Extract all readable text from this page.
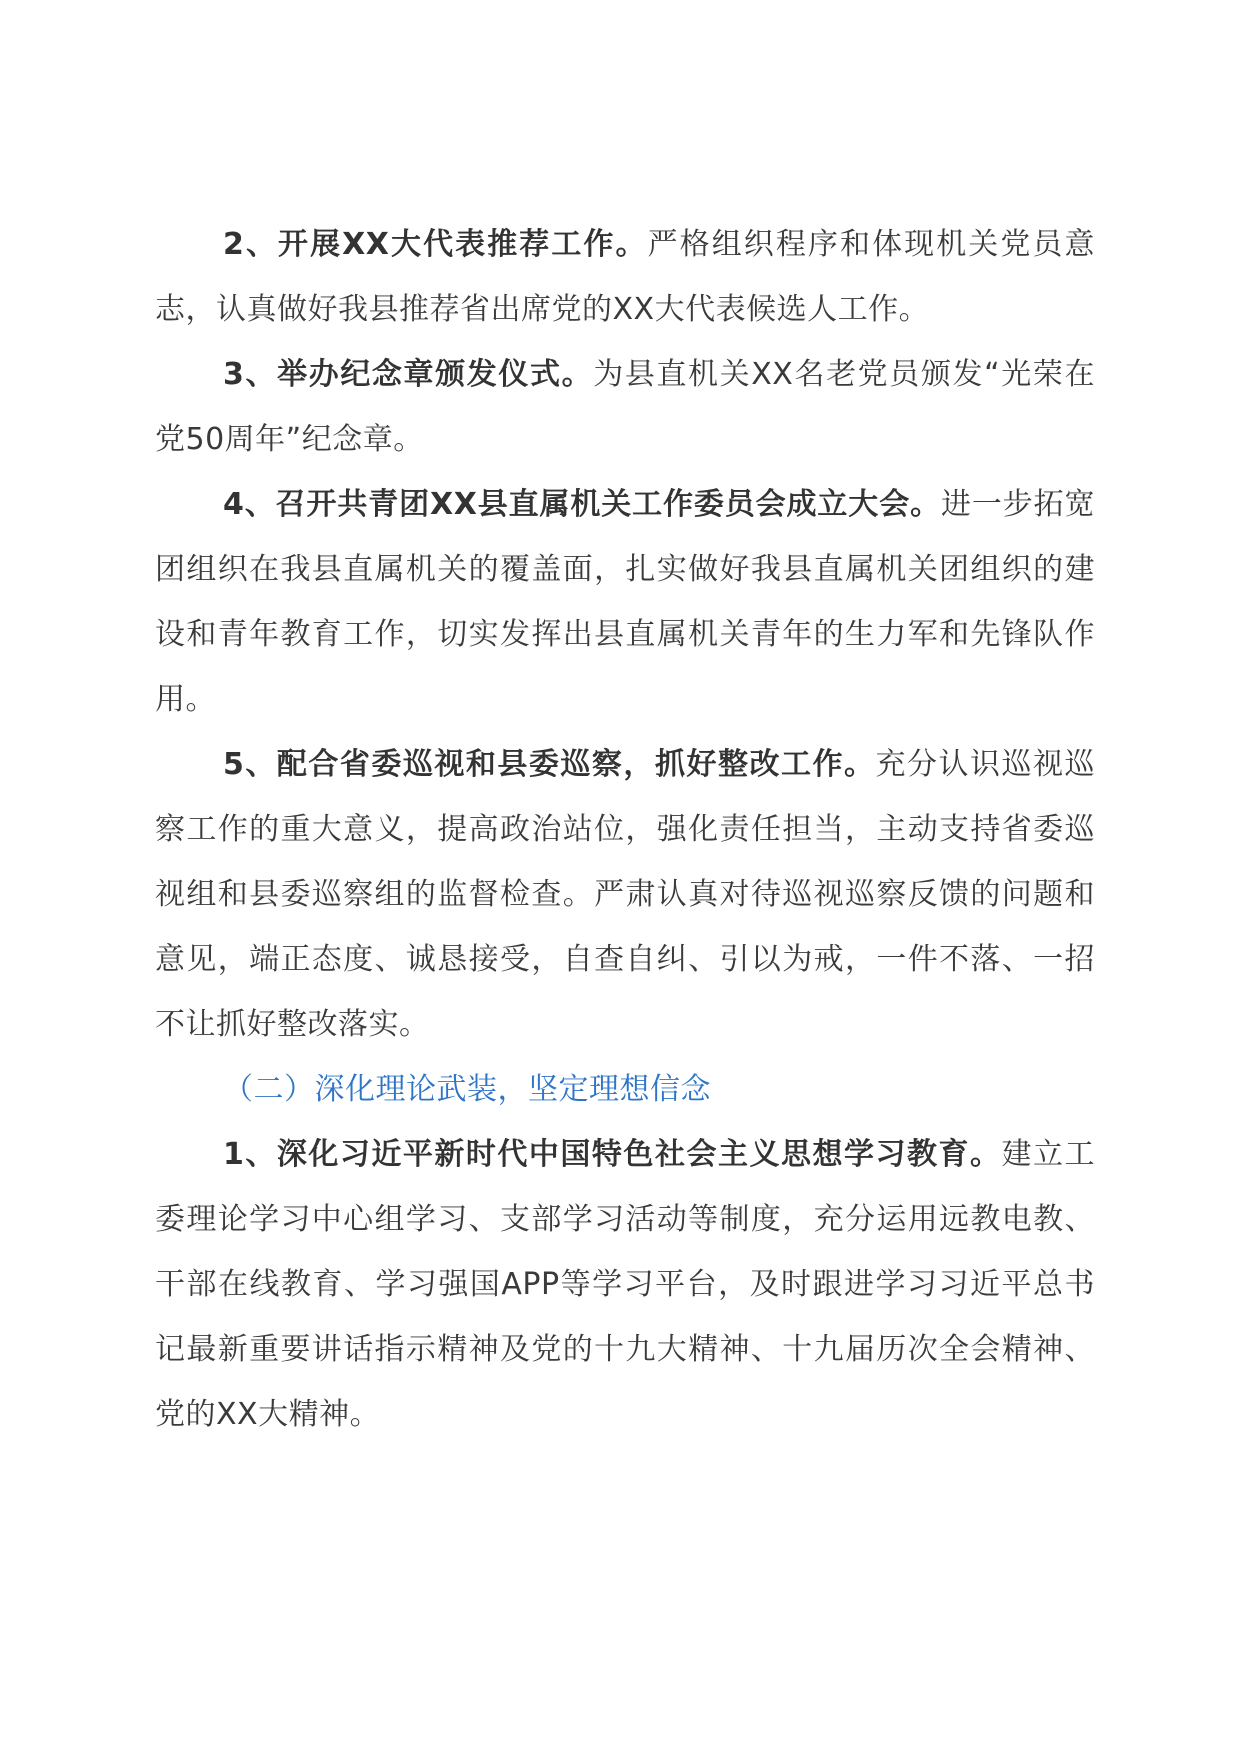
2、开展XX大代表推荐工作。严格组织程序和体现机关党员意志，认真做好我县推荐省出席党的XX大代表候选人工作。

3、举办纪念章颁发仪式。为县直机关XX名老党员颁发“光荣在党50周年”纪念章。

4、召开共青团XX县直属机关工作委员会成立大会。进一步拓宽团组织在我县直属机关的覆盖面，扎实做好我县直属机关团组织的建设和青年教育工作，切实发挥出县直属机关青年的生力军和先锋队作用。

5、配合省委巡视和县委巡察，抓好整改工作。充分认识巡视巡察工作的重大意义，提高政治站位，强化责任担当，主动支持省委巡视组和县委巡察组的监督检查。严肃认真对待巡视巡察反馈的问题和意见，端正态度、诚恳接受，自查自纠、引以为戒，一件不落、一招不让抓好整改落实。

（二）深化理论武装，坚定理想信念

1、深化习近平新时代中国特色社会主义思想学习教育。建立工委理论学习中心组学习、支部学习活动等制度，充分运用远教电教、干部在线教育、学习强国APP等学习平台，及时跟进学习习近平总书记最新重要讲话指示精神及党的十九大精神、十九届历次全会精神、党的XX大精神。
